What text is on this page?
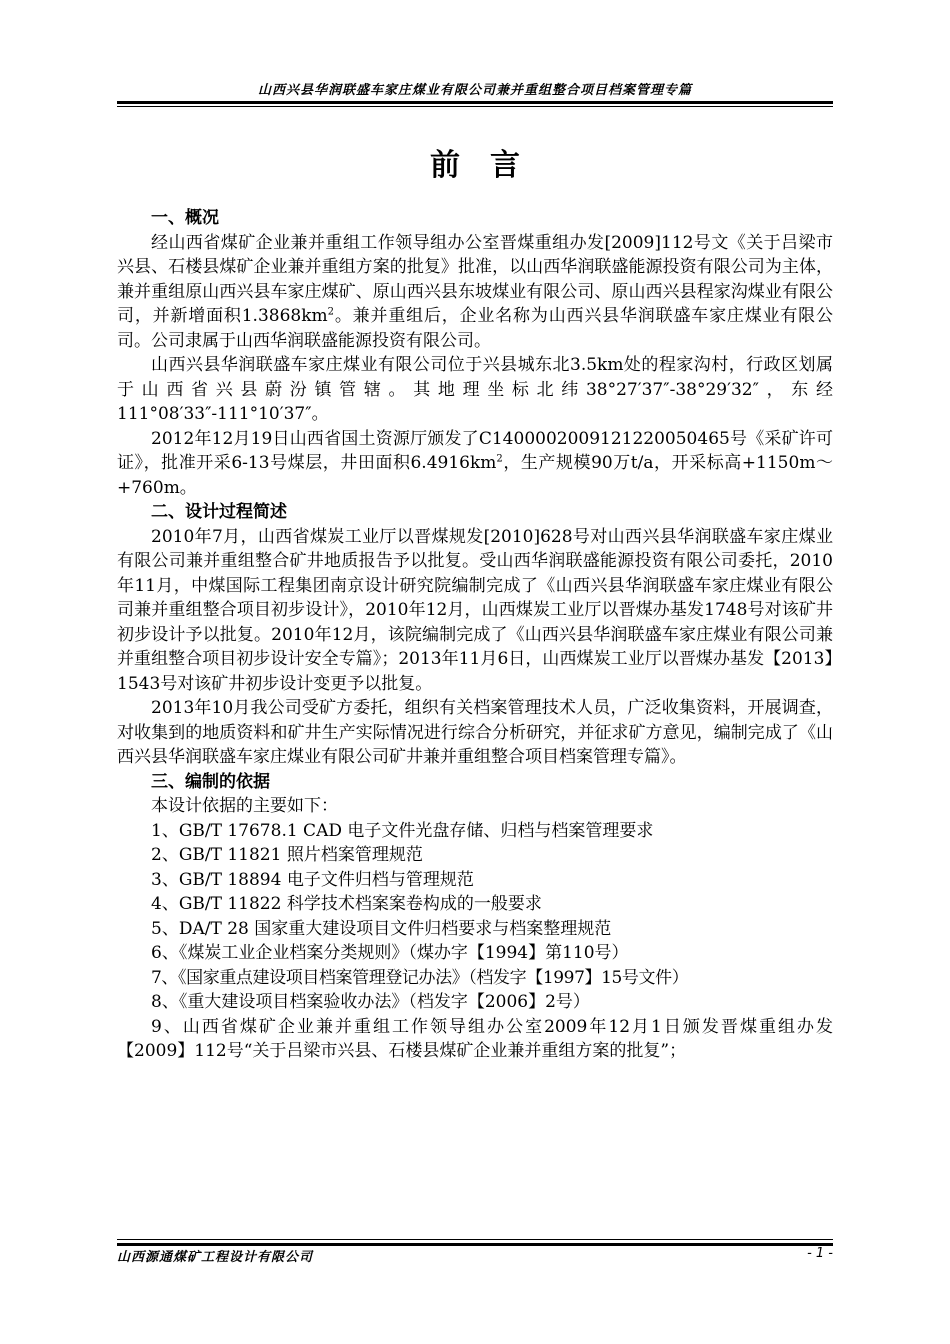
山西兴县华润联盛车家庄煤业有限公司兼并重组整合项目档案管理专篇
前言
一、概况

经山西省煤矿企业兼并重组工作领导组办公室晋煤重组办发[2009]112号文《关于吕梁市兴县、石楼县煤矿企业兼并重组方案的批复》批准，以山西华润联盛能源投资有限公司为主体，兼并重组原山西兴县车家庄煤矿、原山西兴县东坡煤业有限公司、原山西兴县程家沟煤业有限公司，并新增面积$1.3868km^2$。兼并重组后，企业名称为山西兴县华润联盛车家庄煤业有限公司。公司隶属于山西华润联盛能源投资有限公司。

山西兴县华润联盛车家庄煤业有限公司位于兴县城东北3.5km处的程家沟村，行政区划属于山西省兴县蔚汾镇管辖。其地理坐标北纬38°27′37″-38°29′32″，东经111°08′33″-111°10′37″。

2012年12月19日山西省国土资源厅颁发了C1400002009121220050465号《采矿许可证》，批准开采6-13号煤层，井田面积$6.4916km^2$，生产规模90万t/a，开采标高+1150m～+760m。

二、设计过程简述

2010年7月，山西省煤炭工业厅以晋煤规发[2010]628号对山西兴县华润联盛车家庄煤业有限公司兼并重组整合矿井地质报告予以批复。受山西华润联盛能源投资有限公司委托，2010年11月，中煤国际工程集团南京设计研究院编制完成了《山西兴县华润联盛车家庄煤业有限公司兼并重组整合项目初步设计》，2010年12月，山西煤炭工业厅以晋煤办基发1748号对该矿井初步设计予以批复。2010年12月，该院编制完成了《山西兴县华润联盛车家庄煤业有限公司兼并重组整合项目初步设计安全专篇》；2013年11月6日，山西煤炭工业厅以晋煤办基发【2013】1543号对该矿井初步设计变更予以批复。

2013年10月我公司受矿方委托，组织有关档案管理技术人员，广泛收集资料，开展调查，对收集到的地质资料和矿井生产实际情况进行综合分析研究，并征求矿方意见，编制完成了《山西兴县华润联盛车家庄煤业有限公司矿井兼并重组整合项目档案管理专篇》。

三、编制的依据
本设计依据的主要如下：
1、GB/T 17678.1 CAD 电子文件光盘存储、归档与档案管理要求
2、GB/T 11821 照片档案管理规范
3、GB/T 18894 电子文件归档与管理规范
4、GB/T 11822 科学技术档案案卷构成的一般要求
5、DA/T 28 国家重大建设项目文件归档要求与档案整理规范
6、《煤炭工业企业档案分类规则》（煤办字【1994】第110号）
7、《国家重点建设项目档案管理登记办法》（档发字【1997】15号文件）
8、《重大建设项目档案验收办法》（档发字【2006】2号）

9、山西省煤矿企业兼并重组工作领导组办公室2009年12月1日颁发晋煤重组办发【2009】112号“关于吕梁市兴县、石楼县煤矿企业兼并重组方案的批复”；

山西源通煤矿工程设计有限公司	- 1 -
